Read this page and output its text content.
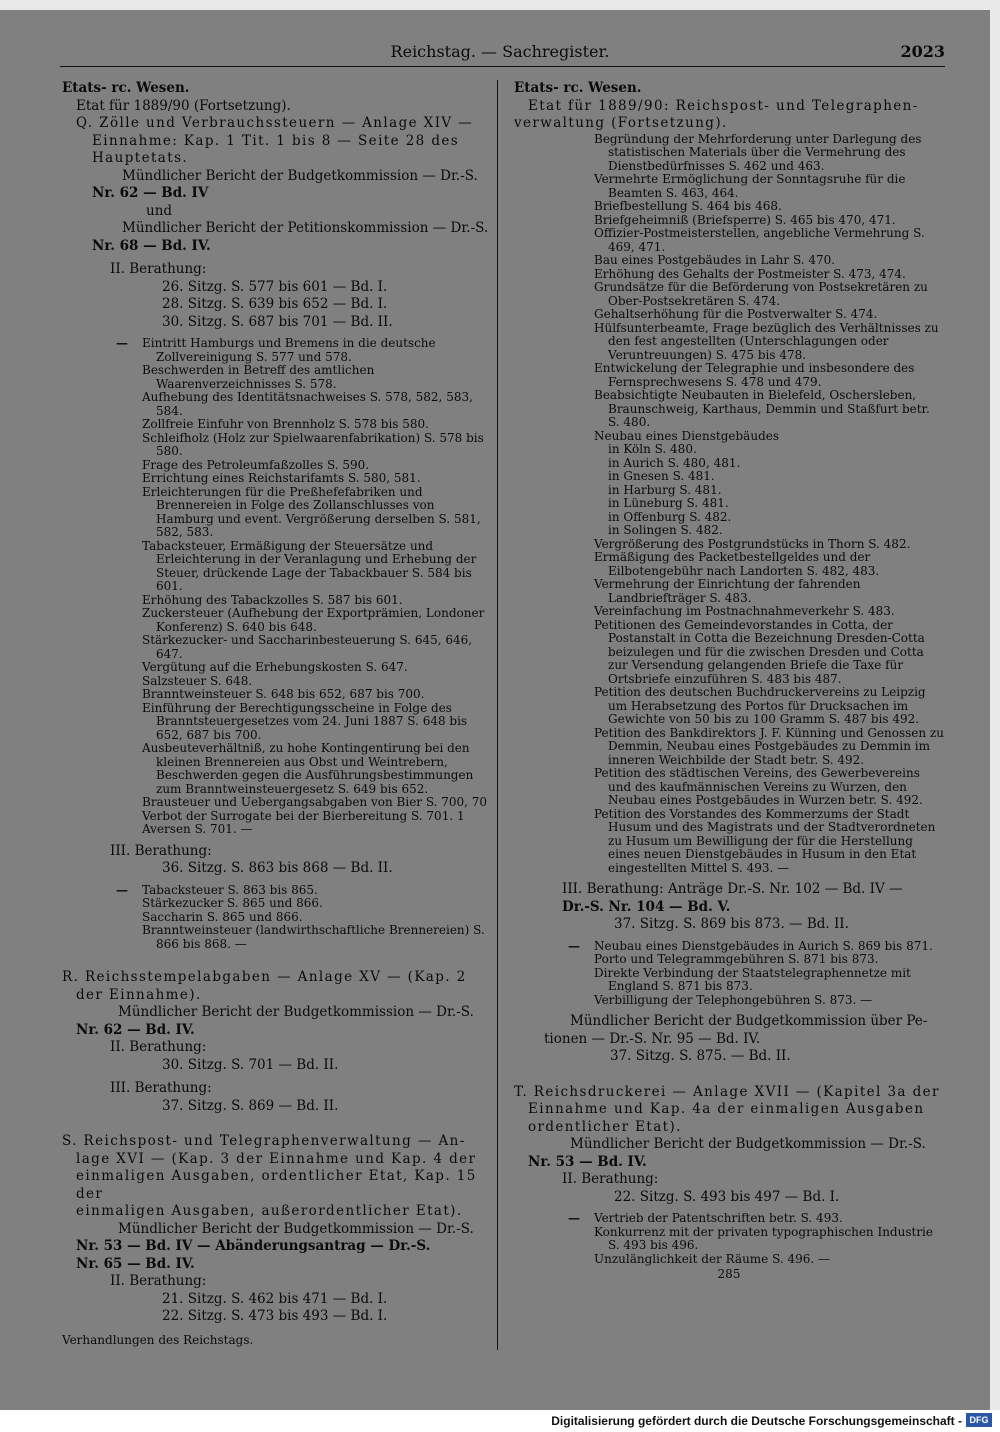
Reichstag. — Sachregister.	2023

Etats- rc. Wesen.

Etat für 1889/90 (Fortsetzung).

Q. Zölle und Verbrauchssteuern — Anlage XIV —

Einnahme: Kap. 1 Tit. 1 bis 8 — Seite 28 des

Hauptetats.

Mündlicher Bericht der Budgetkommission — Dr.-S.

Nr. 62 — Bd. IV

und

Mündlicher Bericht der Petitionskommission — Dr.-S.

Nr. 68 — Bd. IV.

II. Berathung:

26. Sitzg. S. 577 bis 601 — Bd. I.

28. Sitzg. S. 639 bis 652 — Bd. I.

30. Sitzg. S. 687 bis 701 — Bd. II.

— Eintritt Hamburgs und Bremens in die deutsche Zollvereinigung S. 577 und 578.

Beschwerden in Betreff des amtlichen Waarenverzeichnisses S. 578.

Aufhebung des Identitätsnachweises S. 578, 582, 583, 584.

Zollfreie Einfuhr von Brennholz S. 578 bis 580.

Schleifholz (Holz zur Spielwaarenfabrikation) S. 578 bis 580.

Frage des Petroleumfaßzolles S. 590.

Errichtung eines Reichstarifamts S. 580, 581.

Erleichterungen für die Preßhefefabriken und Brennereien in Folge des Zollanschlusses von Hamburg und event. Vergrößerung derselben S. 581, 582, 583.

Tabacksteuer, Ermäßigung der Steuersätze und Erleichterung in der Veranlagung und Erhebung der Steuer, drückende Lage der Tabackbauer S. 584 bis 601.

Erhöhung des Tabackzolles S. 587 bis 601.

Zuckersteuer (Aufhebung der Exportprämien, Londoner Konferenz) S. 640 bis 648.

Stärkezucker- und Saccharinbesteuerung S. 645, 646, 647.

Vergütung auf die Erhebungskosten S. 647.

Salzsteuer S. 648.

Branntweinsteuer S. 648 bis 652, 687 bis 700.

Einführung der Berechtigungsscheine in Folge des Branntsteuergesetzes vom 24. Juni 1887 S. 648 bis 652, 687 bis 700.

Ausbeuteverhältniß, zu hohe Kontingentirung bei den kleinen Brennereien aus Obst und Weintrebern, Beschwerden gegen die Ausführungsbestimmungen zum Branntweinsteuergesetz S. 649 bis 652.

Brausteuer und Uebergangsabgaben von Bier S. 700, 70

Verbot der Surrogate bei der Bierbereitung S. 701. 1

Aversen S. 701. —

III. Berathung:

36. Sitzg. S. 863 bis 868 — Bd. II.

— Tabacksteuer S. 863 bis 865.

Stärkezucker S. 865 und 866.

Saccharin S. 865 und 866.

Branntweinsteuer (landwirthschaftliche Brennereien) S. 866 bis 868. —

R. Reichsstempelabgaben — Anlage XV — (Kap. 2

der Einnahme).

Mündlicher Bericht der Budgetkommission — Dr.-S.

Nr. 62 — Bd. IV.

II. Berathung:

30. Sitzg. S. 701 — Bd. II.

III. Berathung:

37. Sitzg. S. 869 — Bd. II.

S. Reichspost- und Telegraphenverwaltung — An-

lage XVI — (Kap. 3 der Einnahme und Kap. 4 der

einmaligen Ausgaben, ordentlicher Etat, Kap. 15 der

einmaligen Ausgaben, außerordentlicher Etat).

Mündlicher Bericht der Budgetkommission — Dr.-S.

Nr. 53 — Bd. IV — Abänderungsantrag — Dr.-S.

Nr. 65 — Bd. IV.

II. Berathung:

21. Sitzg. S. 462 bis 471 — Bd. I.

22. Sitzg. S. 473 bis 493 — Bd. I.

Verhandlungen des Reichstags.

Etats- rc. Wesen.

Etat für 1889/90: Reichspost- und Telegraphen-

verwaltung (Fortsetzung).

Begründung der Mehrforderung unter Darlegung des statistischen Materials über die Vermehrung des Dienstbedürfnisses S. 462 und 463.

Vermehrte Ermöglichung der Sonntagsruhe für die Beamten S. 463, 464.

Briefbestellung S. 464 bis 468.

Briefgeheimniß (Briefsperre) S. 465 bis 470, 471.

Offizier-Postmeisterstellen, angebliche Vermehrung S. 469, 471.

Bau eines Postgebäudes in Lahr S. 470.

Erhöhung des Gehalts der Postmeister S. 473, 474.

Grundsätze für die Beförderung von Postsekretären zu Ober-Postsekretären S. 474.

Gehaltserhöhung für die Postverwalter S. 474.

Hülfsunterbeamte, Frage bezüglich des Verhältnisses zu den fest angestellten (Unterschlagungen oder Veruntreuungen) S. 475 bis 478.

Entwickelung der Telegraphie und insbesondere des Fernsprechwesens S. 478 und 479.

Beabsichtigte Neubauten in Bielefeld, Oschersleben, Braunschweig, Karthaus, Demmin und Staßfurt betr. S. 480.

Neubau eines Dienstgebäudes

in Köln S. 480.

in Aurich S. 480, 481.

in Gnesen S. 481.

in Harburg S. 481.

in Lüneburg S. 481.

in Offenburg S. 482.

in Solingen S. 482.

Vergrößerung des Postgrundstücks in Thorn S. 482.

Ermäßigung des Packetbestellgeldes und der Eilbotengebühr nach Landorten S. 482, 483.

Vermehrung der Einrichtung der fahrenden Landbriefträger S. 483.

Vereinfachung im Postnachnahmeverkehr S. 483.

Petitionen des Gemeindevorstandes in Cotta, der Postanstalt in Cotta die Bezeichnung Dresden-Cotta beizulegen und für die zwischen Dresden und Cotta zur Versendung gelangenden Briefe die Taxe für Ortsbriefe einzuführen S. 483 bis 487.

Petition des deutschen Buchdruckervereins zu Leipzig um Herabsetzung des Portos für Drucksachen im Gewichte von 50 bis zu 100 Gramm S. 487 bis 492.

Petition des Bankdirektors J. F. Künning und Genossen zu Demmin, Neubau eines Postgebäudes zu Demmin im inneren Weichbilde der Stadt betr. S. 492.

Petition des städtischen Vereins, des Gewerbevereins und des kaufmännischen Vereins zu Wurzen, den Neubau eines Postgebäudes in Wurzen betr. S. 492.

Petition des Vorstandes des Kommerzums der Stadt Husum und des Magistrats und der Stadtverordneten zu Husum um Bewilligung der für die Herstellung eines neuen Dienstgebäudes in Husum in den Etat eingestellten Mittel S. 493. —

III. Berathung: Anträge Dr.-S. Nr. 102 — Bd. IV —

Dr.-S. Nr. 104 — Bd. V.

37. Sitzg. S. 869 bis 873. — Bd. II.

— Neubau eines Dienstgebäudes in Aurich S. 869 bis 871.

Porto und Telegrammgebühren S. 871 bis 873.

Direkte Verbindung der Staatstelegraphennetze mit England S. 871 bis 873.

Verbilligung der Telephongebühren S. 873. —

Mündlicher Bericht der Budgetkommission über Pe-

tionen — Dr.-S. Nr. 95 — Bd. IV.

37. Sitzg. S. 875. — Bd. II.

T. Reichsdruckerei — Anlage XVII — (Kapitel 3a der

Einnahme und Kap. 4a der einmaligen Ausgaben

ordentlicher Etat).

Mündlicher Bericht der Budgetkommission — Dr.-S.

Nr. 53 — Bd. IV.

II. Berathung:

22. Sitzg. S. 493 bis 497 — Bd. I.

— Vertrieb der Patentschriften betr. S. 493.

Konkurrenz mit der privaten typographischen Industrie S. 493 bis 496.

Unzulänglichkeit der Räume S. 496. —

285

Digitalisierung gefördert durch die Deutsche Forschungsgemeinschaft - DFG
